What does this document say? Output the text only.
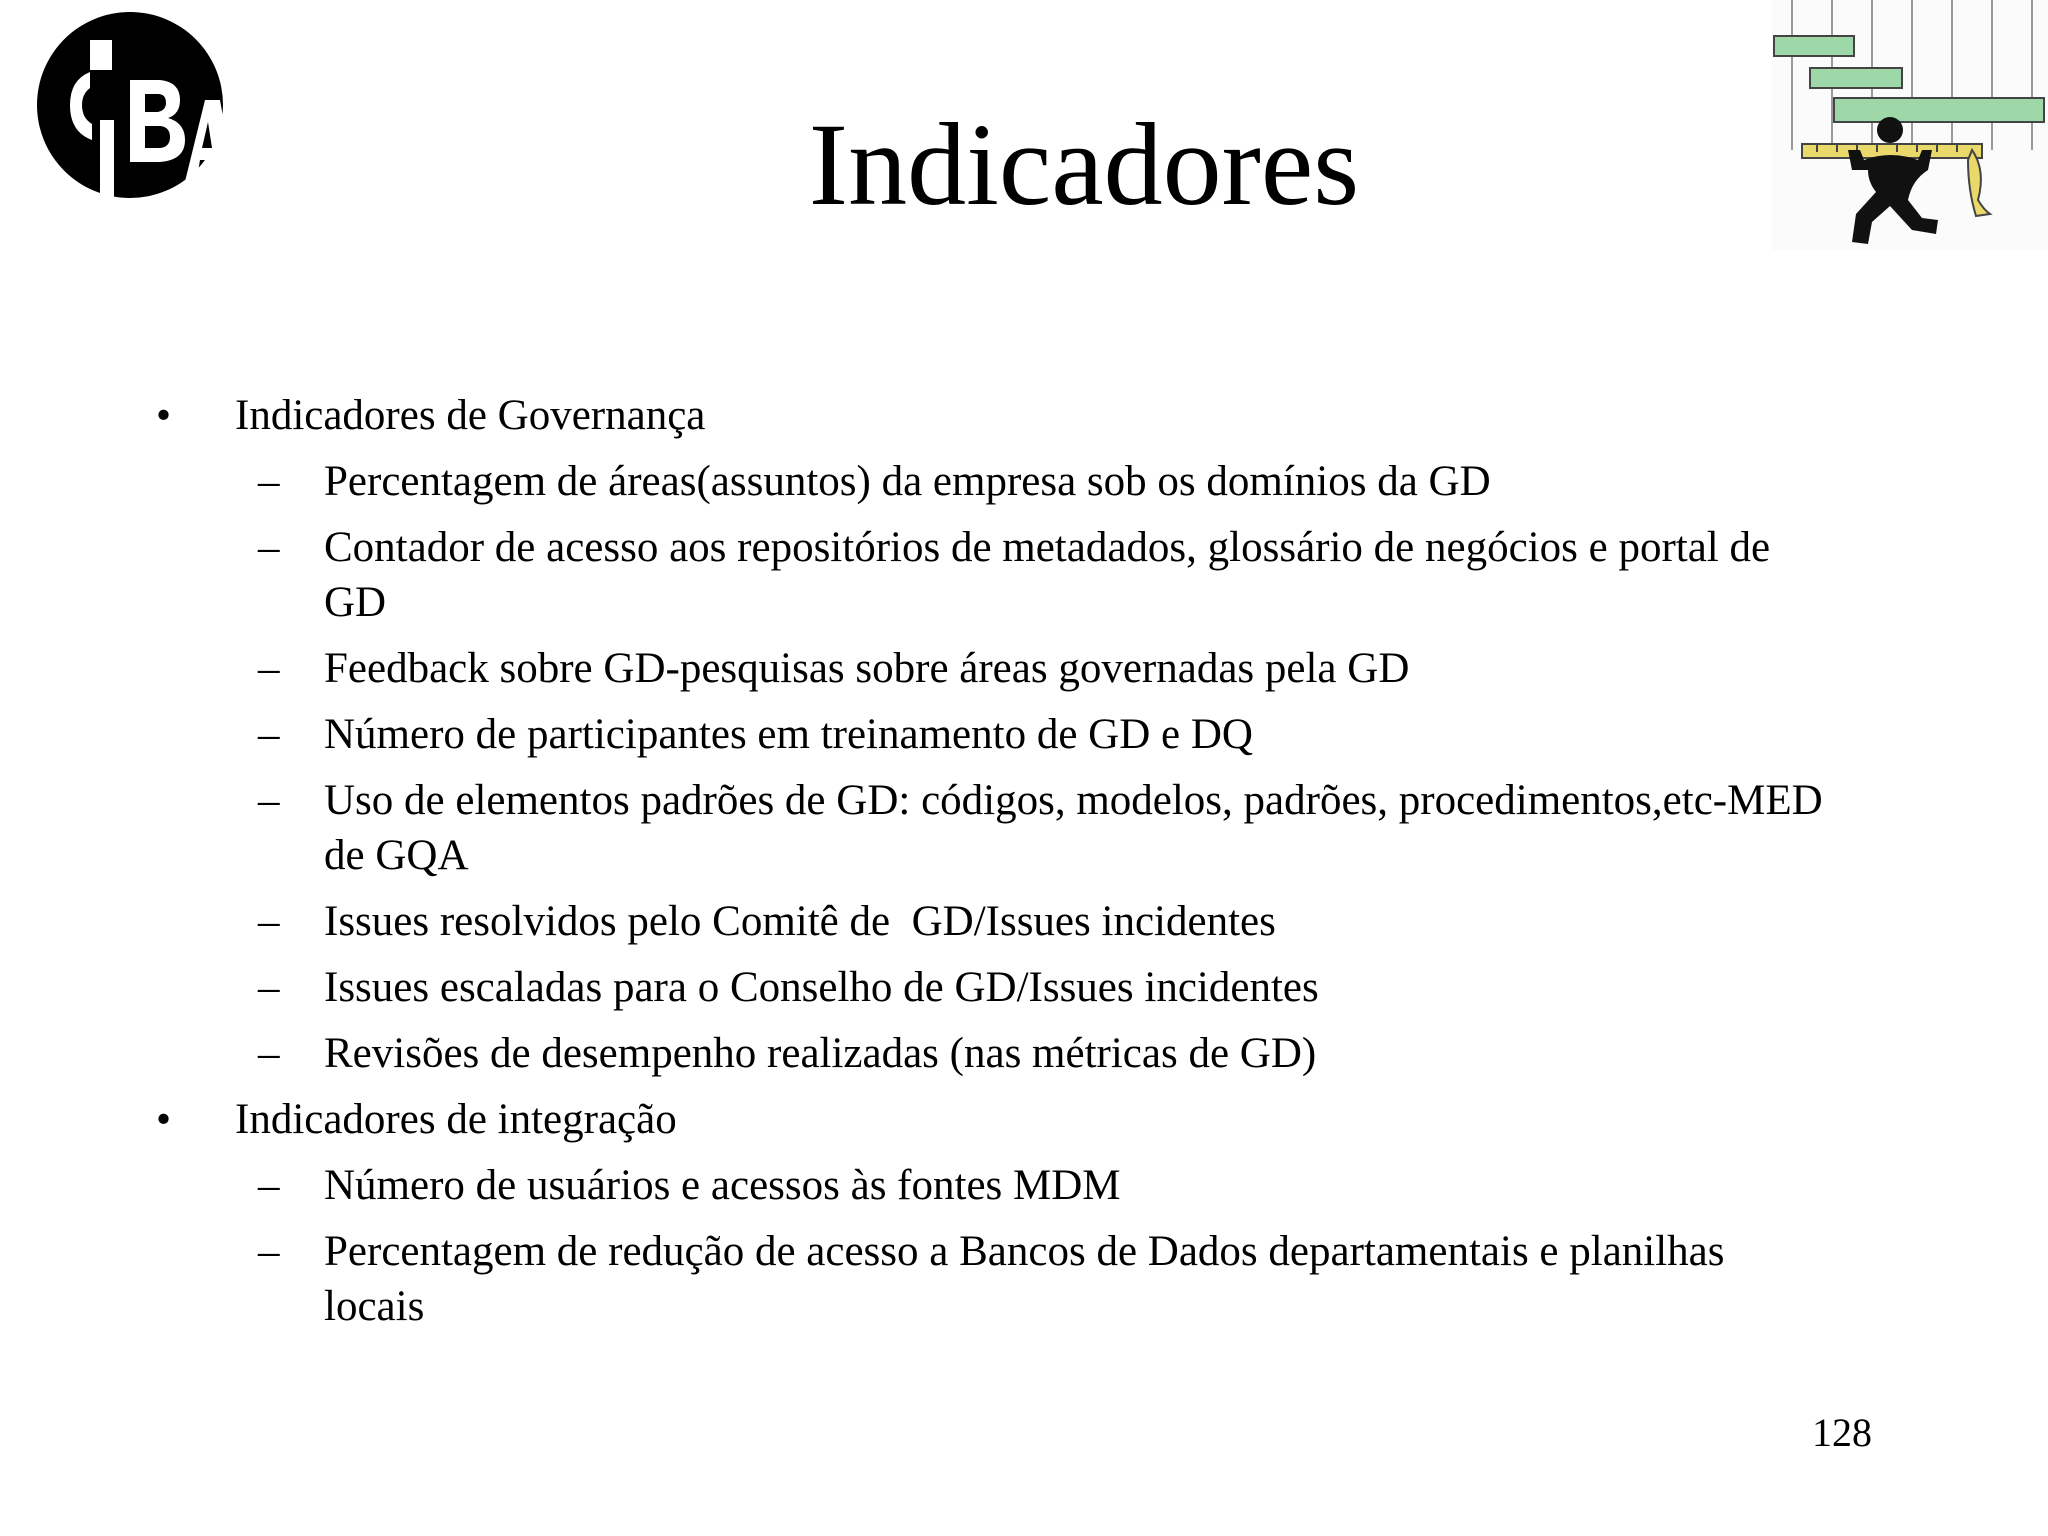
Indicadores
• Indicadores de Governança
– Percentagem de áreas(assuntos) da empresa sob os domínios da GD
– Contador de acesso aos repositórios de metadados, glossário de negócios e portal de GD
– Feedback sobre GD-pesquisas sobre áreas governadas pela GD
– Número de participantes em treinamento de GD e DQ
– Uso de elementos padrões de GD: códigos, modelos, padrões, procedimentos,etc-MED de GQA
– Issues resolvidos pelo Comitê de  GD/Issues incidentes
– Issues escaladas para o Conselho de GD/Issues incidentes
– Revisões de desempenho realizadas (nas métricas de GD)
• Indicadores de integração
– Número de usuários e acessos às fontes MDM
– Percentagem de redução de acesso a Bancos de Dados departamentais e planilhas locais
128
